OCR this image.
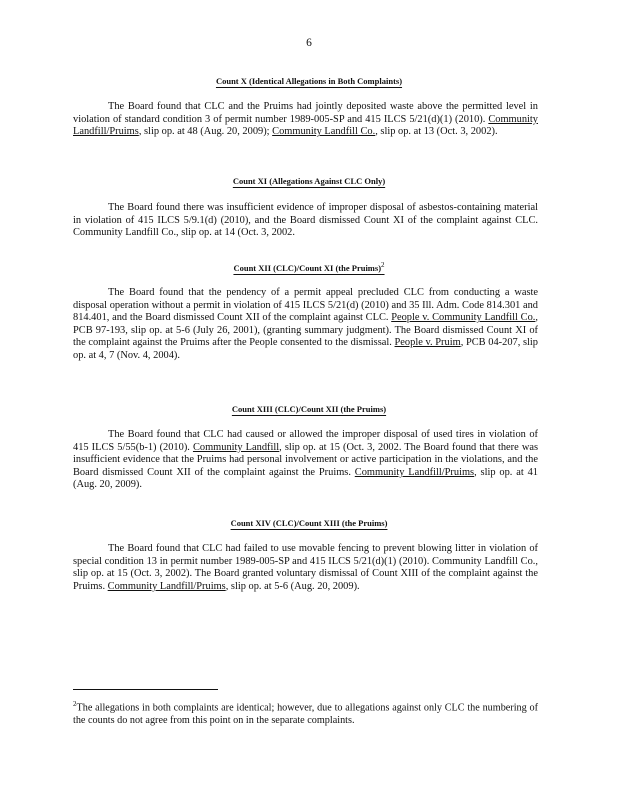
6
Count X (Identical Allegations in Both Complaints)

The Board found that CLC and the Pruims had jointly deposited waste above the permitted level in violation of standard condition 3 of permit number 1989-005-SP and 415 ILCS 5/21(d)(1) (2010). Community Landfill/Pruims, slip op. at 48 (Aug. 20, 2009); Community Landfill Co., slip op. at 13 (Oct. 3, 2002).

Count XI (Allegations Against CLC Only)

The Board found there was insufficient evidence of improper disposal of asbestos-containing material in violation of 415 ILCS 5/9.1(d) (2010), and the Board dismissed Count XI of the complaint against CLC. Community Landfill Co., slip op. at 14 (Oct. 3, 2002.

Count XII (CLC)/Count XI (the Pruims)$^2$

The Board found that the pendency of a permit appeal precluded CLC from conducting a waste disposal operation without a permit in violation of 415 ILCS 5/21(d) (2010) and 35 Ill. Adm. Code 814.301 and 814.401, and the Board dismissed Count XII of the complaint against CLC. People v. Community Landfill Co., PCB 97-193, slip op. at 5-6 (July 26, 2001), (granting summary judgment). The Board dismissed Count XI of the complaint against the Pruims after the People consented to the dismissal. People v. Pruim, PCB 04-207, slip op. at 4, 7 (Nov. 4, 2004).

Count XIII (CLC)/Count XII (the Pruims)

The Board found that CLC had caused or allowed the improper disposal of used tires in violation of 415 ILCS 5/55(b-1) (2010). Community Landfill, slip op. at 15 (Oct. 3, 2002. The Board found that there was insufficient evidence that the Pruims had personal involvement or active participation in the violations, and the Board dismissed Count XII of the complaint against the Pruims. Community Landfill/Pruims, slip op. at 41 (Aug. 20, 2009).

Count XIV (CLC)/Count XIII (the Pruims)

The Board found that CLC had failed to use movable fencing to prevent blowing litter in violation of special condition 13 in permit number 1989-005-SP and 415 ILCS 5/21(d)(1) (2010). Community Landfill Co., slip op. at 15 (Oct. 3, 2002). The Board granted voluntary dismissal of Count XIII of the complaint against the Pruims. Community Landfill/Pruims, slip op. at 5-6 (Aug. 20, 2009).

$^2$The allegations in both complaints are identical; however, due to allegations against only CLC the numbering of the counts do not agree from this point on in the separate complaints.
